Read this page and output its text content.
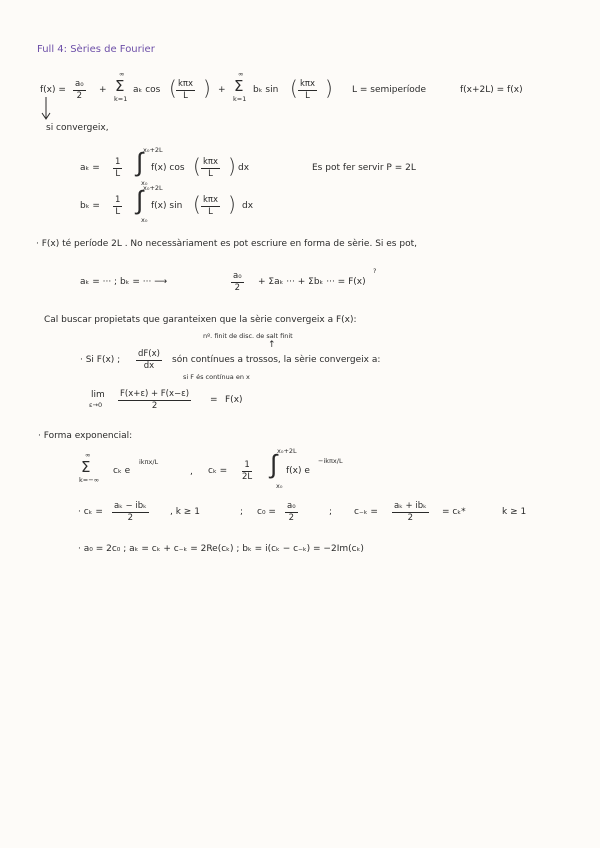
Full 4: Sèries de Fourier
$f(x) = \frac{\text{a₀}}{2}$ +
∞
Σ
k=1
aₖ cos ( kπx
L ) +
∞
Σ
k=1
bₖ sin ( kπx
L ) L = semiperíode	f(x+2L) = f(x)
si convergeix,
$a_k = \frac{1}{L}$
x₀+2L
∫
x₀
f(x) cos ( kπx
L ) dx	Es pot fer servir P = 2L
$b_k = \frac{1}{L}$
x₀+2L
∫
x₀
f(x) sin ( kπx
L ) dx
· F(x) té període 2L . No necessàriament es pot escriure en forma de sèrie. Si es pot,
aₖ = ··· ; bₖ = ··· ⟶	$\frac{\text{a₀}}{2} + \Sigma a_k$ ··· + Σbₖ ··· = F(x)
?
Cal buscar propietats que garanteixen que la sèrie convergeix a F(x):
nº. finit de disc. de salt finit
↑
· Si F(x) ; $\frac{dF(x)}{dx}$ són contínues a trossos, la sèrie convergeix a:
si F és contínua en x
lim
$\varepsilon\to 0 \frac{F(x+\varepsilon) + F(x-\varepsilon)}{2} = F(x)$
· Forma exponencial:
∞
Σ
k=−∞
cₖ e
ikπx/L
, $c_k = \frac{1}{2L}$
x₀+2L
∫
x₀
f(x) e
−ikπx/L
· cₖ =
aₖ − ibₖ
2
, k ≥ 1	; $c_0 = \frac{\text{a₀}}{2}$	; c₋ₖ =
aₖ + ibₖ
2
= cₖ*	k ≥ 1
· a₀ = 2c₀ ; aₖ = cₖ + c₋ₖ = 2Re(cₖ) ; bₖ = i(cₖ − c₋ₖ) = −2Im(cₖ)
